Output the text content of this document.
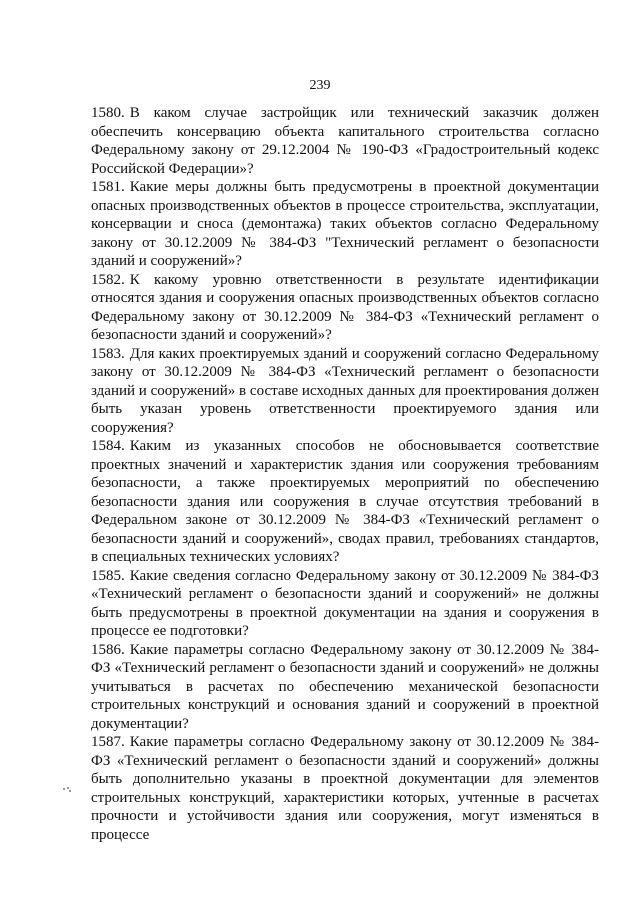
239

1580. В каком случае застройщик или технический заказчик должен обеспечить консервацию объекта капитального строительства согласно Федеральному закону от 29.12.2004 № 190-ФЗ «Градостроительный кодекс Российской Федерации»?

1581. Какие меры должны быть предусмотрены в проектной документации опасных производственных объектов в процессе строительства, эксплуатации, консервации и сноса (демонтажа) таких объектов согласно Федеральному закону от 30.12.2009 № 384-ФЗ "Технический регламент о безопасности зданий и сооружений»?

1582. К какому уровню ответственности в результате идентификации относятся здания и сооружения опасных производственных объектов согласно Федеральному закону от 30.12.2009 № 384-ФЗ «Технический регламент о безопасности зданий и сооружений»?

1583. Для каких проектируемых зданий и сооружений согласно Федеральному закону от 30.12.2009 № 384-ФЗ «Технический регламент о безопасности зданий и сооружений» в составе исходных данных для проектирования должен быть указан уровень ответственности проектируемого здания или сооружения?

1584. Каким из указанных способов не обосновывается соответствие проектных значений и характеристик здания или сооружения требованиям безопасности, а также проектируемых мероприятий по обеспечению безопасности здания или сооружения в случае отсутствия требований в Федеральном законе от 30.12.2009 № 384-ФЗ «Технический регламент о безопасности зданий и сооружений», сводах правил, требованиях стандартов, в специальных технических условиях?

1585. Какие сведения согласно Федеральному закону от 30.12.2009 № 384-ФЗ «Технический регламент о безопасности зданий и сооружений» не должны быть предусмотрены в проектной документации на здания и сооружения в процессе ее подготовки?

1586. Какие параметры согласно Федеральному закону от 30.12.2009 № 384-ФЗ «Технический регламент о безопасности зданий и сооружений» не должны учитываться в расчетах по обеспечению механической безопасности строительных конструкций и основания зданий и сооружений в проектной документации?

1587. Какие параметры согласно Федеральному закону от 30.12.2009 № 384-ФЗ «Технический регламент о безопасности зданий и сооружений» должны быть дополнительно указаны в проектной документации для элементов строительных конструкций, характеристики которых, учтенные в расчетах прочности и устойчивости здания или сооружения, могут изменяться в процессе
